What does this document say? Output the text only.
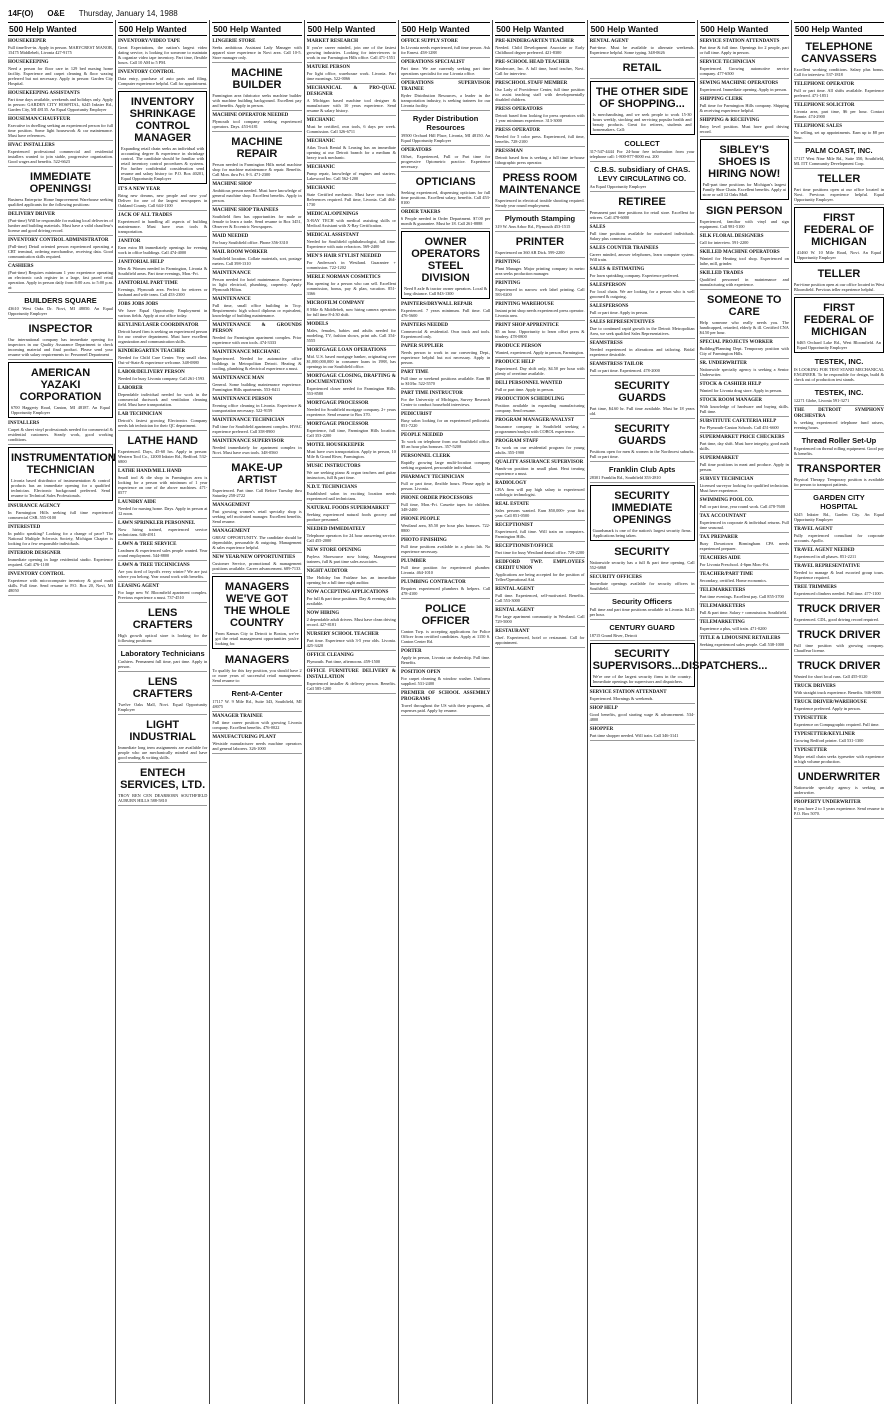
14F(O) O&E Thursday, January 14, 1988
500 Help Wanted
HOUSEKEEPER
Full time/live-in. Apply in person. MARYCREST MANOR, 15475 Middlebelt, Livonia 427-9175
HOUSEKEEPING
Need a person for floor care in 129 bed nursing home facility. Experience and carpet cleaning & floor waxing preferred but not necessary. Apply in person: Garden City Hospital.
HOUSEKEEPING ASSISTANTS
Part time days available, weekends and holidays only. Apply in person: GARDEN CITY HOSPITAL, 6245 Inkster Rd., Garden City, MI 48135. An Equal Opportunity Employer
HOUSEMAN/CHAUFFEUR
Executive in dwelling seeking an experienced person for full time position. Some light housework & car maintenance. Must have references.
HVAC INSTALLERS
Experienced professional commercial and residential installers wanted to join stable, progressive organization. Good wages and benefits. 522-6623
IMMEDIATE OPENINGS!
Business Enterprise Home Improvement Warehouse seeking qualified applicants for the following positions:
DELIVERY DRIVER
(Part-time) Will be responsible for making local deliveries of lumber and building materials. Must have a valid chauffeur's license and good driving record.
INVENTORY CONTROL ADMINISTRATOR
(Full-time) Detail oriented person experienced operating a CRT terminal, ordering merchandise, receiving data. Good communication skills required.
CASHIERS
(Part-time) Requires minimum 1 year experience operating an electronic cash register in a large, fast paced retail operation. Apply in person daily from 8:00 a.m. to 5:00 p.m. at:
BUILDERS SQUARE
43610 West Oaks Dr. Novi, MI 48050. An Equal Opportunity Employer
INSPECTOR
Our international company has immediate opening for inspectors in our Quality Assurance Department to check incoming material and final product. Please send your resume with salary requirements to: Personnel Department
AMERICAN YAZAKI CORPORATION
6700 Haggerty Road, Canton, MI 48187. An Equal Opportunity Employer
INSTALLERS
Carpet & sheet vinyl professionals needed for commercial & residential customers. Steady work, good working conditions.
INSTRUMENTATION TECHNICIAN
Livonia based distributor of instrumentation & control products has an immediate opening for a qualified technician. Electronic background preferred. Send resume to Technical Sales Professionals.
INSURANCE AGENCY
In Farmington Hills seeking full time experienced commercial CSR. 555-0100
INTERESTED
In public speaking? Looking for a change of pace? The National Multiple Sclerosis Society, Michigan Chapter is looking for a few responsible individuals.
INTERIOR DESIGNER
Immediate opening in large residential studio. Experience required. Call 476-1100
INVENTORY CONTROL
Experience with microcomputer inventory & good math skills. Full time. Send resume to P.O. Box 20, Novi, MI 48050
500 Help Wanted
INVENTORY/VIDEO TAPE
Great Expectations, the nation's largest video dating service, is looking for someone to maintain & organize video tape inventory. Part time, flexible hours. Call 10 AM to 5 PM.
INVENTORY CONTROL
Data entry, purchase of auto parts and filing. Computer experience helpful. Call for appointment.
INVENTORY SHRINKAGE CONTROL MANAGER
Expanding retail chain seeks an individual with accounting degree & experience in shrinkage control. The candidate should be familiar with retail inventory control procedures & systems. For further confidential consideration send resume and salary history to: P.O. Box 40201, Equal Opportunity Employer
IT'S A NEW YEAR
Bring new dreams, new people and new you! Deliver for one of the largest newspapers in Oakland County. Call 644-1100
JACK OF ALL TRADES
Experienced in handling all aspects of building maintenance. Must have own tools & transportation.
JANITOR
Earn extra $$ immediately openings for evening work in office buildings. Call 474-4000
JANITORIAL HELP
Men & Women needed in Farmington, Livonia & Southfield areas. Part time evenings, Mon.-Fri.
JANITORIAL PART TIME
Evenings, Plymouth area. Perfect for retirees or husband and wife team. Call 453-2300
JOBS JOBS JOBS
We have Equal Opportunity Employment in various fields. Apply at our office today.
KEYLINE/LASER COORDINATOR
Detroit based firm is seeking an experienced person for our creative department. Must have excellent organization and communication skills.
KINDERGARTEN TEACHER
Needed for Child Care Center. Very small class. Out-of-State & experience welcome. 348-0880
LABOR/DELIVERY PERSON
Needed for busy Livonia company. Call 261-1593
LABORER
Dependable individual needed for work in the commercial ductwork and ventilation cleaning field. Must have transportation.
LAB TECHNICIAN
Detroit's fastest growing Electronics Company needs lab technician for their QC department.
LATHE HAND
Experienced. Days, 45-60 hrs. Apply in person: Western Tool Co., 12000 Inkster Rd., Redford. 532-6800
LATHE HAND/MILL HAND
Small tool & die shop in Farmington area is looking for a person with minimum of 1 year experience on one of the above machines. 471-0577
LAUNDRY AIDE
Needed for nursing home. Days. Apply in person at 12 noon.
LAWN SPRINKLER PERSONNEL
Now hiring trained, experienced service technicians. 646-4911
LAWN & TREE SERVICE
Leadmen & experienced sales people wanted. Year round employment. 544-8800
LAWN & TREE TECHNICIANS
Are you tired of layoffs every winter? We are just where you belong. Year round work with benefits.
LEASING AGENT
For large new W. Bloomfield apartment complex. Previous experience a must. 737-4510
LENS CRAFTERS
High growth optical store is looking for the following positions:
Laboratory Technicians
Cashiers. Permanent full time, part time. Apply in person.
LENS CRAFTERS
Twelve Oaks Mall, Novi. Equal Opportunity Employer
LIGHT INDUSTRIAL
Immediate long term assignments are available for people who are mechanically minded and have good reading & writing skills.
ENTECH SERVICES, LTD.
TROY REN CEN DEARBORN SOUTHFIELD AUBURN HILLS 588-5810
500 Help Wanted
LINGERIE STORE
Seeks ambitious Assistant Lady Manager with apparel store experience in Novi area. Call 10-5. Store manager only.
MACHINE BUILDER
Farmington area fabricator seeks machine builder with machine building background. Excellent pay and benefits. Apply in person.
MACHINE OPERATOR NEEDED
Plymouth tool company seeking experienced operators. Days. 453-6181
MACHINE REPAIR
Person needed in Farmington Hills metal machine shop for machine maintenance & repair. Benefits. Call Mon. thru Fri. 8-3. 471-2300
MACHINE SHOP
Ambitious person needed. Must have knowledge of general machine shop. Excellent benefits. Apply in person.
MACHINE SHOP TRAINEES
Southfield firm has opportunities for male or female to learn a trade. Send resume to Box 3451, Observer & Eccentric Newspapers.
MAID NEEDED
For busy Southfield office. Phone 356-3310
MAIL ROOM WORKER
Southfield location. Collate materials, sort, postage meters. Call 398-1310
MAINTENANCE
Person needed for hotel maintenance. Experience in light electrical, plumbing, carpentry. Apply Plymouth Hilton.
MAINTENANCE
Full time, small office building in Troy. Requirements: high school diploma or equivalent, knowledge of building maintenance.
MAINTENANCE & GROUNDS PERSON
Needed for Farmington apartment complex. Prior experience with own tools. 474-3333
MAINTENANCE MECHANIC
Experienced. Needed for automotive office buildings in Metropolitan Detroit. Heating & cooling, plumbing & electrical experience a must.
MAINTENANCE MAN
General. Some building maintenance experience. Farmington Hills apartments. 553-8411
MAINTENANCE PERSON
Evening office cleaning in Livonia. Experience & transportation necessary. 522-9159
MAINTENANCE TECHNICIAN
Full time for Southfield apartment complex. HVAC experience preferred. Call 358-8900
MAINTENANCE SUPERVISOR
Needed immediately for apartment complex in Novi. Must have own tools. 348-0560
MAKE-UP ARTIST
Experienced. Part time. Call Before Tuesday thru Saturday 258-2722
MANAGEMENT
Fast growing women's retail specialty shop is seeking self motivated manager. Excellent benefits. Send resume.
MANAGEMENT
GREAT OPPORTUNITY. The candidate should be dependable, personable & outgoing. Management & sales experience helpful.
NEW YEAR/NEW OPPORTUNITIES
Customer Service, promotional & management positions available. Career advancement. 689-7133
MANAGERS WE'VE GOT THE WHOLE COUNTRY
From Kansas City to Detroit to Boston, we've got the retail management opportunities you're looking for.
MANAGERS
To qualify for this key position, you should have 2 or more years of successful retail management. Send resume to:
Rent-A-Center
17117 W. 9 Mile Rd., Suite 343, Southfield, MI 48075
MANAGER TRAINEE
Full time career position with growing Livonia company. Excellent benefits. 476-0022
MANUFACTURING PLANT
Westside manufacturer needs machine operators and general laborers. 326-1000
500 Help Wanted
MARKET RESEARCH
If you're career minded, join one of the fastest growing industries. Looking for interviewers to work in our Farmington Hills office. Call 471-1551
MATURE PERSON
For light office, warehouse work. Livonia. Part time mornings. 522-0066
MECHANICAL & PRO-QUAL DESIGNER
A Michigan based machine tool designer & manufacturer with 10 years experience. Send resume & salary history.
MECHANIC
Must be certified, own tools, 6 days per week. Commission. Call 326-6711
MECHANIC
Atlas Truck Rental & Leasing has an immediate opening at our Detroit branch for a medium & heavy truck mechanic.
MECHANIC
Pump repair, knowledge of engines and starters. Lakewood Inc. Call 562-1200
MECHANIC
State Certified mechanic. Must have own tools. References required. Full time, Livonia. Call 464-1730
MEDICAL/OPENINGS
X-RAY TECH with medical assisting skills or Medical Assistant with X-Ray Certification.
MEDICAL ASSISTANT
Needed for Southfield ophthalmologist, full time. Experience with auto refractors. 569-2400
MEN'S HAIR STYLIST NEEDED
For Anderson's in Westland. Guarantee + commission. 722-1202
MERLE NORMAN COSMETICS
Has opening for a person who can sell. Excellent commission, bonus, pay & plan, vacation. 851-3366
MICROFILM COMPANY
8 Mile & Middlebelt, now hiring camera operators for full time 8-4:30 shift.
MODELS
Males, females, babies and adults needed for modeling, TV, fashion shows, print ads. Call 354-5555
MORTGAGE LOAN OPERATIONS
Mid. U.S. based mortgage banker, originating over $1,000,000,000 in consumer loans in 1988, has openings in our Southfield office.
MORTGAGE CLOSING, DRAFTING & DOCUMENTATION
Experienced closer needed for Farmington Hills. 553-8580
MORTGAGE PROCESSOR
Needed for Southfield mortgage company. 2+ years experience. Send resume to Box 370.
MORTGAGE PROCESSOR
Experience, full time, Farmington Hills location. Call 353-2200
MOTEL HOUSEKEEPER
Must have own transportation. Apply in person, 10 Mile & Grand River, Farmington.
MUSIC INSTRUCTORS
We are seeking piano & organ teachers and guitar instructors, full & part time.
N.D.T. TECHNICIANS
Established salon in exciting location needs experienced nail technicians.
NATURAL FOODS SUPERMARKET
Seeking experienced natural foods grocery and produce personnel.
NEEDED IMMEDIATELY
Telephone operators for 24 hour answering service. Call 455-2000
NEW STORE OPENING
Payless Shoesource now hiring. Management trainees, full & part time sales associates.
NIGHT AUDITOR
The Holiday Inn Fairlane has an immediate opening for a full time night auditor.
NOW ACCEPTING APPLICATIONS
For full & part time positions. Day & evening shifts available.
NOW HIRING
2 dependable adult drivers. Must have clean driving record. 427-8181
NURSERY SCHOOL TEACHER
Part time. Experience with 3-5 year olds. Livonia. 425-3420
OFFICE CLEANING
Plymouth. Part time, afternoons. 459-1500
OFFICE FURNITURE DELIVERY & INSTALLATION
Experienced installer & delivery person. Benefits. Call 585-1200
500 Help Wanted
OFFICE SUPPLY STORE
In Livonia needs experienced, full time person. Ask for Ernest. 458-1288
OPERATIONS SPECIALIST
Part time. We are currently seeking part time operations specialist for our Livonia office.
OPERATIONS SUPERVISOR TRAINEE
Ryder Distribution Resources, a leader in the transportation industry, is seeking trainees for our Livonia facility.
Ryder Distribution Resources
39500 Orchard Hill Place, Livonia, MI 48150. An Equal Opportunity Employer
OPERATORS
Offset, Experienced, Full or Part time for progressive Optometric practice. Experience necessary.
OPTICIANS
Seeking experienced, dispensing opticians for full time positions. Excellent salary, benefits. Call 453-8100
ORDER TAKERS
6 People needed in Order Department. $7.00 per month & guarantee. Must be 18. Call 261-8888
OWNER OPERATORS STEEL DIVISION
Need 8 axle & tractor owner operators. Local & long distance. Call 843-1300
PAINTERS/DRYWALL REPAIR
Experienced. 7 years minimum. Full time. Call 476-5600
PAINTERS NEEDED
Commercial & residential. Own truck and tools. Experienced only.
PAPER SUPPLIER
Needs person to work in our converting Dept., experience helpful but not necessary. Apply in person.
PART TIME
Full time or weekend positions available. Earn $8 to $10/hr. 522-5570
PART TIME INSTRUCTOR
For the University of Michigan, Survey Research Center to conduct household interviews.
PEDICURIST
Busy salon looking for an experienced pedicurist. 851-7220
PEOPLE NEEDED
To work on telephone from our Southfield office. $5 an hour plus bonuses. 357-5200
PERSONNEL CLERK
Rapidly growing large multi-location company seeking organized, personable individual.
PHARMACY TECHNICIAN
Full or part time, flexible hours. Please apply in person. Livonia.
PHONE ORDER PROCESSORS
Full time, Mon.-Fri. Cassette tapes for children. 348-2400
PHONE PEOPLE
Westland area, $5.50 per hour plus bonuses. 722-8800
PHOTO FINISHING
Full time positions available in a photo lab. No experience necessary.
PLUMBER
Full time position for experienced plumber. Livonia. 464-1010
PLUMBING CONTRACTOR
Requires experienced plumbers & helpers. Call 478-4100
POLICE OFFICER
Canton Twp. is accepting applications for Police Officer from certified candidates. Apply at 1150 S. Canton Center Rd.
PORTER
Apply in person, Livonia car dealership. Full time. Benefits.
POSITION OPEN
For carpet cleaning & window washer. Uniforms supplied. 531-2400
PREMIER OF SCHOOL ASSEMBLY PROGRAMS
Travel throughout the US with their programs, all expenses paid. Apply by resume.
500 Help Wanted
PRE-KINDERGARTEN TEACHER
Needed. Child Development Associate or Early Childhood degree preferred. 421-8300
PRE-SCHOOL HEAD TEACHER
Kindercare, Inc. A full time, head teacher, Novi. Call for interview.
PRESCHOOL STAFF MEMBER
Our Lady of Providence Center, full time position to assist teaching staff with developmentally disabled children.
PRESS OPERATORS
Detroit based firm looking for press operators with 1 year minimum experience. 313-3000
PRESS OPERATOR
Needed for 5 color press. Experienced, full time, benefits. 728-2100
PRESSMAN
Detroit based firm is seeking a full time in-house lithographic press operator.
PRESS ROOM MAINTENANCE
Experienced in electrical trouble shooting required. Steady year round employment.
Plymouth Stamping
319 W. Ann Arbor Rd., Plymouth 453-1515
PRINTER
Experienced on 360 AB Dick. 599-2200
PRINTING
Plant Manager. Major printing company in metro area seeks production manager.
PRINTING
Experienced in narrow web label printing. Call 583-0200
PRINTING WAREHOUSE
Instant print shop needs experienced press operator. Livonia area.
PRINT SHOP APPRENTICE
$5 an hour. Opportunity to learn offset press & bindery. 478-0800
PRODUCE PERSON
Wanted, experienced. Apply in person, Farmington.
PRODUCE HELP
Experienced. Day shift only, $4.50 per hour with plenty of overtime available.
DELI PERSONNEL WANTED
Full or part time. Apply in person.
PRODUCTION SCHEDULING
Position available in expanding manufacturing company. Send resume.
PROGRAM MANAGER/ANALYST
Insurance company in Southfield seeking a programmer/analyst with COBOL experience.
PROGRAM STAFF
To work on our residential program for young adults. 355-1900
QUALITY ASSURANCE SUPERVISOR
Hands-on position in small plant. Heat treating experience a must.
RADIOLOGY
CRA firm will pay high salary to experienced radiologic technologist.
REAL ESTATE
Sales persons wanted. Earn $50,000+ your first year. Call 851-0500
RECEPTIONIST
Experienced, full time. Will train on computers. Farmington Hills.
RECEPTIONIST/OFFICE
Part time for busy Westland dental office. 729-2200
REDFORD TWP. EMPLOYEES CREDIT UNION
Applications are being accepted for the position of Teller/Operational Aid.
RENTAL AGENT
Full time. Experienced, self-motivated. Benefits. Call 553-3000
RENTAL AGENT
For large apartment community in Westland. Call 729-5000
RESTAURANT
Chef. Experienced, hotel or restaurant. Call for appointment.
500 Help Wanted
RENTAL AGENT
Part-time. Must be available to alternate weekends. Experience helpful. Some typing. 348-0626
RETAIL
THE OTHER SIDE OF SHOPPING...
Is merchandising, and we seek people to work 15-30 hours weekly, stocking and servicing popular health and beauty products. Great for retirees, students and homemakers. Call:
COLLECT
317-547-4444 For 24-hour free information from your telephone call: 1-800-877-8000 ext. 200
C.B.S. subsidiary of CHAS. LEVY CIRCULATING CO.
An Equal Opportunity Employer
RETIREE
Permanent part time positions for retail store. Excellent for retirees. Call 478-6000
SALES
Full time positions available for motivated individuals. Salary plus commission.
SALES COUNTER TRAINEES
Career minded, answer telephones, learn computer system. Will train.
SALES & ESTIMATING
For lawn sprinkling company. Experience preferred.
SALESPERSON
For local chain. We are looking for a person who is well groomed & outgoing.
SALESPERSONS
Full or part time. Apply in person.
SALES REPRESENTATIVES
Due to continued rapid growth in the Detroit Metropolitan Area, we seek qualified Sales Representatives.
SEAMSTRESS
Needed experienced in alterations and tailoring. Bridal experience desirable.
SEAMSTRESS TAILOR
Full or part time. Experienced. 478-2000
SECURITY GUARDS
Part time, $4.60 hr. Full time available. Must be 18 years old.
SECURITY GUARDS
Positions open for men & women in the Northwest suburbs. Full or part time.
Franklin Club Apts
28301 Franklin Rd., Southfield 353-2810
SECURITY IMMEDIATE OPENINGS
Guardsmark is one of the nation's largest security firms. Applications being taken.
SECURITY
Nationwide security has a full & part time opening. Call 552-6868
SECURITY OFFICERS
Immediate openings available for security officers in Southfield.
Security Officers
Full time and part time positions available in Livonia. $4.25 per hour.
CENTURY GUARD
18715 Grand River, Detroit
SECURITY SUPERVISORS...DISPATCHERS...
We're one of the largest security firms in the country. Immediate openings for supervisors and dispatchers.
SERVICE STATION ATTENDANT
Experienced. Mornings & weekends.
SHOP HELP
Good benefits, good starting wage & advancement. 534-4800
SHOPPER
Part time shopper needed. Will train. Call 346-3141
500 Help Wanted
SERVICE STATION ATTENDANTS
Part time & full time. Openings for 2 people, part or full time. Apply in person.
SERVICE TECHNICIAN
Experienced. Growing automotive service company. 477-6500
SEWING MACHINE OPERATORS
Experienced. Immediate opening. Apply in person.
SHIPPING CLERK
Full time for Farmington Hills company. Shipping & receiving experience helpful.
SHIPPING & RECEIVING
Entry level position. Must have good driving record.
SIBLEY'S SHOES IS HIRING NOW!
Full-part time positions for Michigan's largest Family Shoe Chain. Excellent benefits. Apply at store or call 12 Oaks Mall.
SIGN PERSON
Experienced, familiar with vinyl and sign equipment. Call 981-5100
SILK FLORAL DESIGNERS
Call for interview. 591-2200
SKILLED MACHINE OPERATORS
Wanted for Heating tool shop. Experienced on lathe, mill, grinder.
SKILLED TRADES
Qualified personnel in maintenance and manufacturing with experience.
SOMEONE TO CARE
Help someone who really needs you. The handicapped, retarded, elderly & ill. Certified CNA $4.50 per hour.
SPECIAL PROJECTS WORKER
Building/Planning Dept. Temporary position with City of Farmington Hills.
SR. UNDERWRITER
Nationwide specialty agency is seeking a Senior Underwriter.
STOCK & CASHIER HELP
Wanted for Livonia drug store. Apply in person.
STOCK ROOM MANAGER
With knowledge of hardware and buying skills. Full time.
SUBSTITUTE CAFETERIA HELP
For Plymouth-Canton Schools. Call 451-6600
SUPERMARKET PRICE CHECKERS
Part time, day shift. Must have integrity, good math skills.
SUPERMARKET
Full time positions in meat and produce. Apply in person.
SURVEY TECHNICIAN
Licensed surveyor looking for qualified technician. Must have experience.
SWIMMING POOL CO.
Full or part time, year round work. Call 478-7600
TAX ACCOUNTANT
Experienced in corporate & individual returns. Full time seasonal.
TAX PREPARER
Busy Downtown Birmingham CPA needs experienced preparer.
TEACHERS AIDE
For Livonia Preschool. 4-6pm Mon.-Fri.
TEACHER/PART TIME
Secondary, certified. Home economics.
TELEMARKETERS
Part time evenings. Excellent pay. Call 855-3700
TELEMARKETERS
Full & part time. Salary + commission. Southfield.
TELEMARKETING
Experience a plus, will train. 471-0200
TITLE & LIMOUSINE RETAILERS
Seeking experienced sales people. Call 538-1000
500 Help Wanted
TELEPHONE CANVASSERS
Excellent working conditions. Salary plus bonus. Call for interview. 537-1818
TELEPHONE OPERATOR
Full or part time. All shifts available. Experience preferred. 471-1851
TELEPHONE SOLICITOR
Livonia area, part time, $6 per hour. Contact Bonnie. 474-2900
TELEPHONE SALES
No selling, set up appointments. Earn up to $8 per hour.
PALM COAST, INC.
17117 West Nine Mile Rd., Suite 350, Southfield, MI. ITT Community Development Corp.
TELLER
Part time positions open at our office located in Novi. Previous experience helpful. Equal Opportunity Employer.
FIRST FEDERAL OF MICHIGAN
41460 W. 10 Mile Road, Novi. An Equal Opportunity Employer
TELLER
Part-time position open at our office located in West Bloomfield. Previous teller experience helpful.
FIRST FEDERAL OF MICHIGAN
6465 Orchard Lake Rd., West Bloomfield. An Equal Opportunity Employer
TESTEK, INC.
IS LOOKING FOR TEST STAND MECHANICAL ENGINEER. To be responsible for design, build & check out of production test stands.
TESTEK, INC.
12271 Globe, Livonia 591-3271
THE DETROIT SYMPHONY ORCHESTRA
Is seeking experienced telephone fund raisers, evening hours.
Thread Roller Set-Up
Experienced on thread rolling equipment. Good pay & benefits.
TRANSPORTER
Physical Therapy. Temporary position is available for person to transport patients.
GARDEN CITY HOSPITAL
6245 Inkster Rd., Garden City. An Equal Opportunity Employer
TRAVEL AGENT
Fully experienced consultant for corporate accounts. Apollo.
TRAVEL AGENT NEEDED
Experienced in all phases. 851-2211
TRAVEL REPRESENTATIVE
Needed to manage & lead escorted group tours. Experience required.
TREE TRIMMERS
Experienced climbers needed. Full time. 477-1100
TRUCK DRIVER
Experienced. CDL, good driving record required.
TRUCK DRIVER
Full time position with growing company. Chauffeur license.
TRUCK DRIVER
Wanted for short local runs. Call 455-0120
TRUCK DRIVERS
With straight truck experience. Benefits. 946-8000
TRUCK DRIVER/WAREHOUSE
Experience preferred. Apply in person.
TYPESETTER
Experience on Compugraphic required. Full time.
TYPESETTER/KEYLINER
Growing Redford printer. Call 531-1300
TYPESETTER
Major retail chain seeks typesetter with experience in high volume production.
UNDERWRITER
Nationwide specialty agency is seeking an underwriter.
PROPERTY UNDERWRITER
If you have 2 to 3 years experience. Send resume to P.O. Box 5070.
